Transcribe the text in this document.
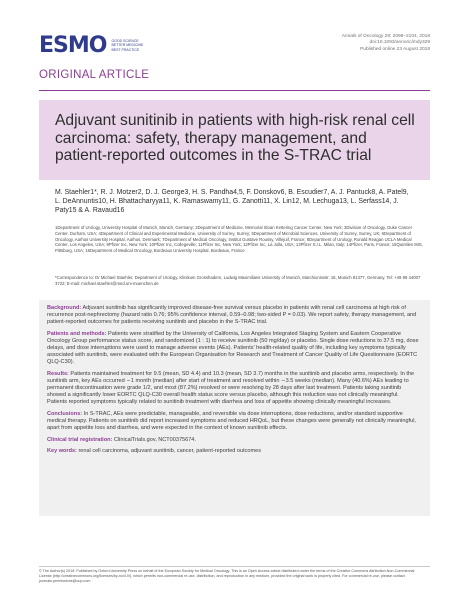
ESMO GOOD SCIENCE BETTER MEDICINE BEST PRACTICE
Annals of Oncology 29: 2098–2104, 2018
doi:10.1093/annonc/mdy329
Published online 23 August 2018
ORIGINAL ARTICLE
Adjuvant sunitinib in patients with high-risk renal cell carcinoma: safety, therapy management, and patient-reported outcomes in the S-TRAC trial
M. Staehler1*, R. J. Motzer2, D. J. George3, H. S. Pandha4,5, F. Donskov6, B. Escudier7, A. J. Pantuck8, A. Patel9, L. DeAnnuntis10, H. Bhattacharyya11, K. Ramaswamy11, G. Zanotti11, X. Lin12, M. Lechuga13, L. Serfass14, J. Paty15 & A. Ravaud16
1Department of Urology, University Hospital of Munich, Munich, Germany; 2Department of Medicine, Memorial Sloan Kettering Cancer Center, New York; 3Division of Oncology, Duke Cancer Center, Durham, USA; 4Department of Clinical and Experimental Medicine, University of Surrey, Surrey; 5Department of Microbial Sciences, University of Surrey, Surrey, UK; 6Department of Oncology, Aarhus University Hospital, Aarhus, Denmark; 7Department of Medical Oncology, Institut Gustave Roussy, Villejuif, France; 8Department of Urology, Ronald Reagan UCLA Medical Center, Los Angeles, USA; 9Pfizer Inc, New York; 10Pfizer Inc, Collegeville; 11Pfizer Inc, New York; 12Pfizer Inc, La Jolla, USA; 13Pfizer S.r.L. Milan, Italy; 14Pfizer, Paris, France; 15Quintiles IMS, Pittsburg, USA; 16Department of Medical Oncology, Bordeaux University Hospital, Bordeaux, France
*Correspondence to: Dr Michael Staehler, Department of Urology, Klinikum Grosshadern, Ludwig Maximilians University of Munich, Marchioninistr. 15, Munich 81377, Germany. Tel: +49 89 44007 3722; E-mail: michael.staehler@med.uni-muenchen.de

Background: Adjuvant sunitinib has significantly improved disease-free survival versus placebo in patients with renal cell carcinoma at high risk of recurrence post-nephrectomy (hazard ratio 0.76; 95% confidence interval, 0.59–0.98; two-sided P = 0.03). We report safety, therapy management, and patient-reported outcomes for patients receiving sunitinib and placebo in the S-TRAC trial.

Patients and methods: Patients were stratified by the University of California, Los Angeles Integrated Staging System and Eastern Cooperative Oncology Group performance status score, and randomized (1 : 1) to receive sunitinib (50 mg/day) or placebo. Single dose reductions to 37.5 mg, dose delays, and dose interruptions were used to manage adverse events (AEs). Patients' health-related quality of life, including key symptoms typically associated with sunitinib, were evaluated with the European Organisation for Research and Treatment of Cancer Quality of Life Questionnaire (EORTC QLQ-C30).

Results: Patients maintained treatment for 9.5 (mean, SD 4.4) and 10.3 (mean, SD 3.7) months in the sunitinib and placebo arms, respectively. In the sunitinib arm, key AEs occurred ∼1 month (median) after start of treatment and resolved within ∼3.5 weeks (median). Many (40.6%) AEs leading to permanent discontinuation were grade 1/2, and most (87.2%) resolved or were resolving by 28 days after last treatment. Patients taking sunitinib showed a significantly lower EORTC QLQ-C30 overall health status score versus placebo, although this reduction was not clinically meaningful. Patients reported symptoms typically related to sunitinib treatment with diarrhea and loss of appetite showing clinically meaningful increases.

Conclusions: In S-TRAC, AEs were predictable, manageable, and reversible via dose interruptions, dose reductions, and/or standard supportive medical therapy. Patients on sunitinib did report increased symptoms and reduced HRQoL, but these changes were generally not clinically meaningful, apart from appetite loss and diarrhea, and were expected in the context of known sunitinib effects.

Clinical trial registration: ClinicalTrials.gov, NCT00375674.

Key words: renal cell carcinoma, adjuvant sunitinib, cancer, patient-reported outcomes

© The Author(s) 2018. Published by Oxford University Press on behalf of the European Society for Medical Oncology. This is an Open Access article distributed under the terms of the Creative Commons Attribution Non-Commercial License (http://creativecommons.org/licenses/by-nc/4.0/), which permits non-commercial re-use, distribution, and reproduction in any medium, provided the original work is properly cited. For commercial re-use, please contact journals.permissions@oup.com
